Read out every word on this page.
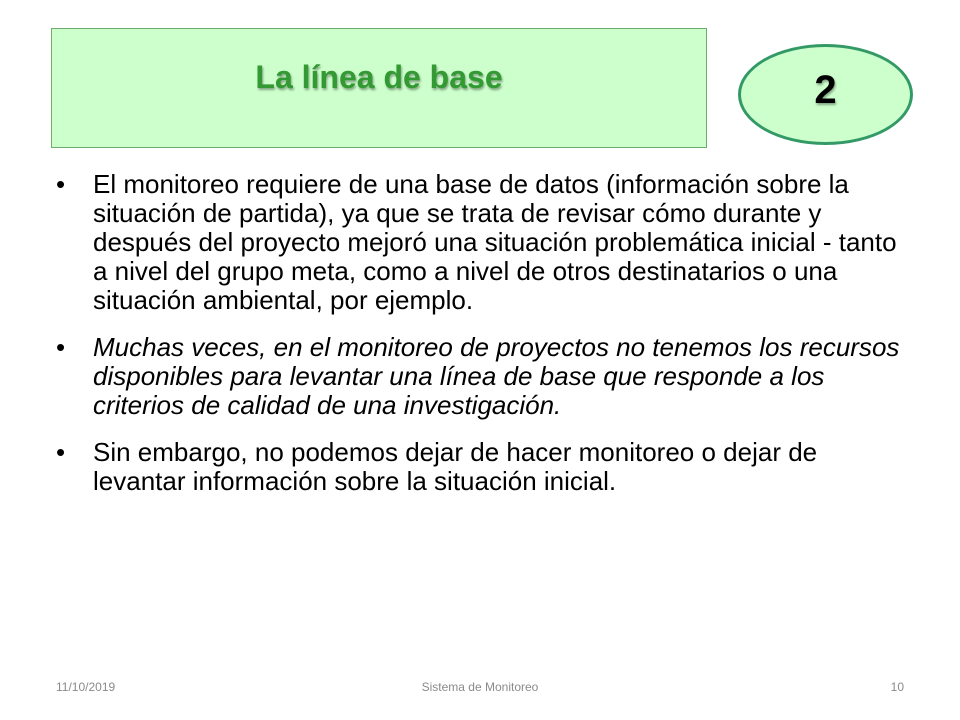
La línea de base	2
• El monitoreo requiere de una base de datos (información sobre la situación de partida), ya que se trata de revisar cómo durante y después del proyecto mejoró una situación problemática inicial - tanto a nivel del grupo meta, como a nivel de otros destinatarios o una situación ambiental, por ejemplo.
• Muchas veces, en el monitoreo de proyectos no tenemos los recursos disponibles para levantar una línea de base que responde a los criterios de calidad de una investigación.
• Sin embargo, no podemos dejar de hacer monitoreo o dejar de levantar información sobre la situación inicial.
11/10/2019	Sistema de Monitoreo	10
